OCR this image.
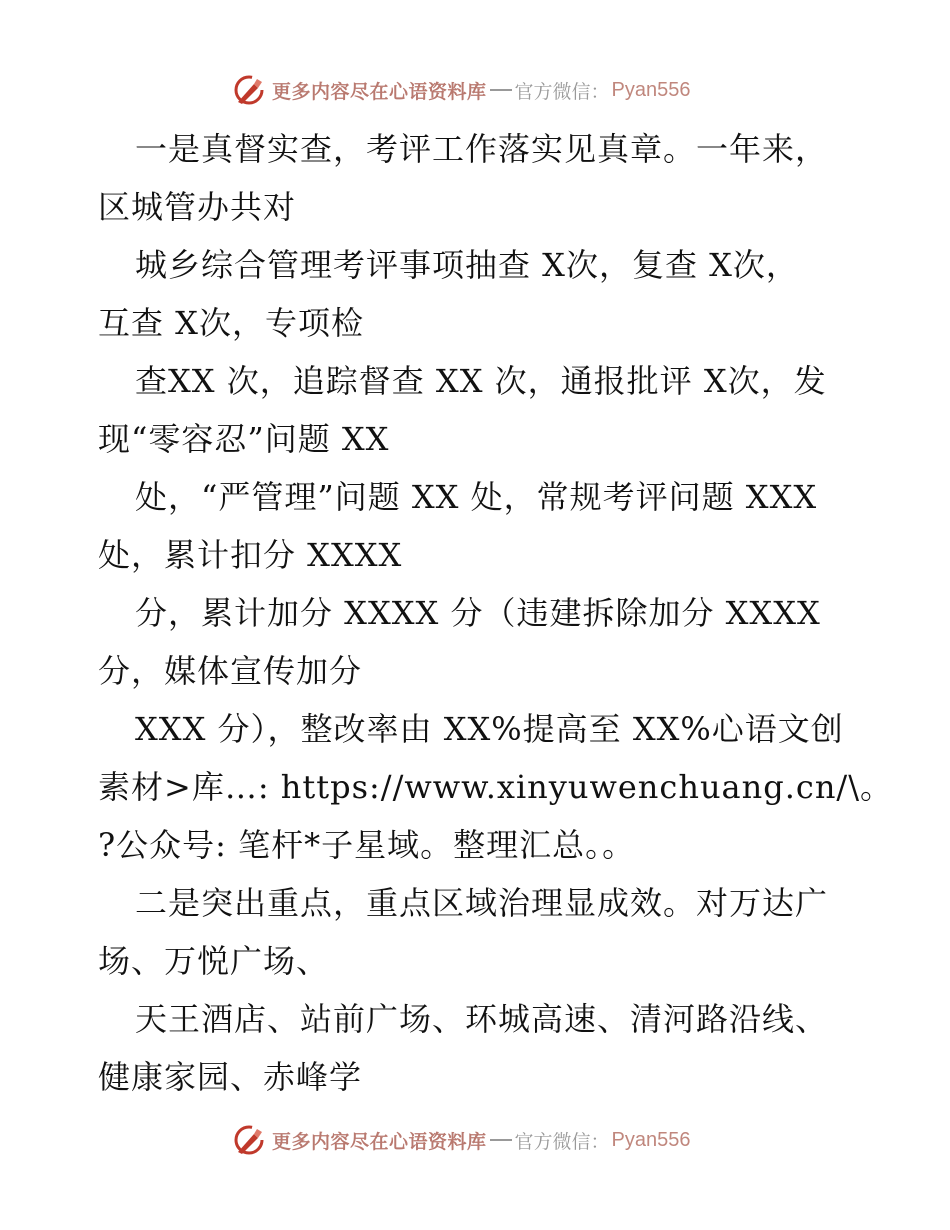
更多内容尽在心语资料库 官方微信： Pyan556
一是真督实查，考评工作落实见真章。一年来，
区城管办共对
城乡综合管理考评事项抽查 X次，复查 X次，
互查 X次，专项检
查XX 次，追踪督查 XX 次，通报批评 X次，发
现“零容忍”问题 XX
处，“严管理”问题 XX 处，常规考评问题 XXX
处，累计扣分 XXXX
分，累计加分 XXXX 分（违建拆除加分 XXXX
分，媒体宣传加分
XXX 分），整改率由 XX%提高至 XX%心语文创
素材>库…: https://www.xinyuwenchuang.cn/\。
?公众号: 笔杆*子星域。整理汇总。。
二是突出重点，重点区域治理显成效。对万达广
场、万悦广场、
天王酒店、站前广场、环城高速、清河路沿线、
健康家园、赤峰学
更多内容尽在心语资料库 官方微信： Pyan556
